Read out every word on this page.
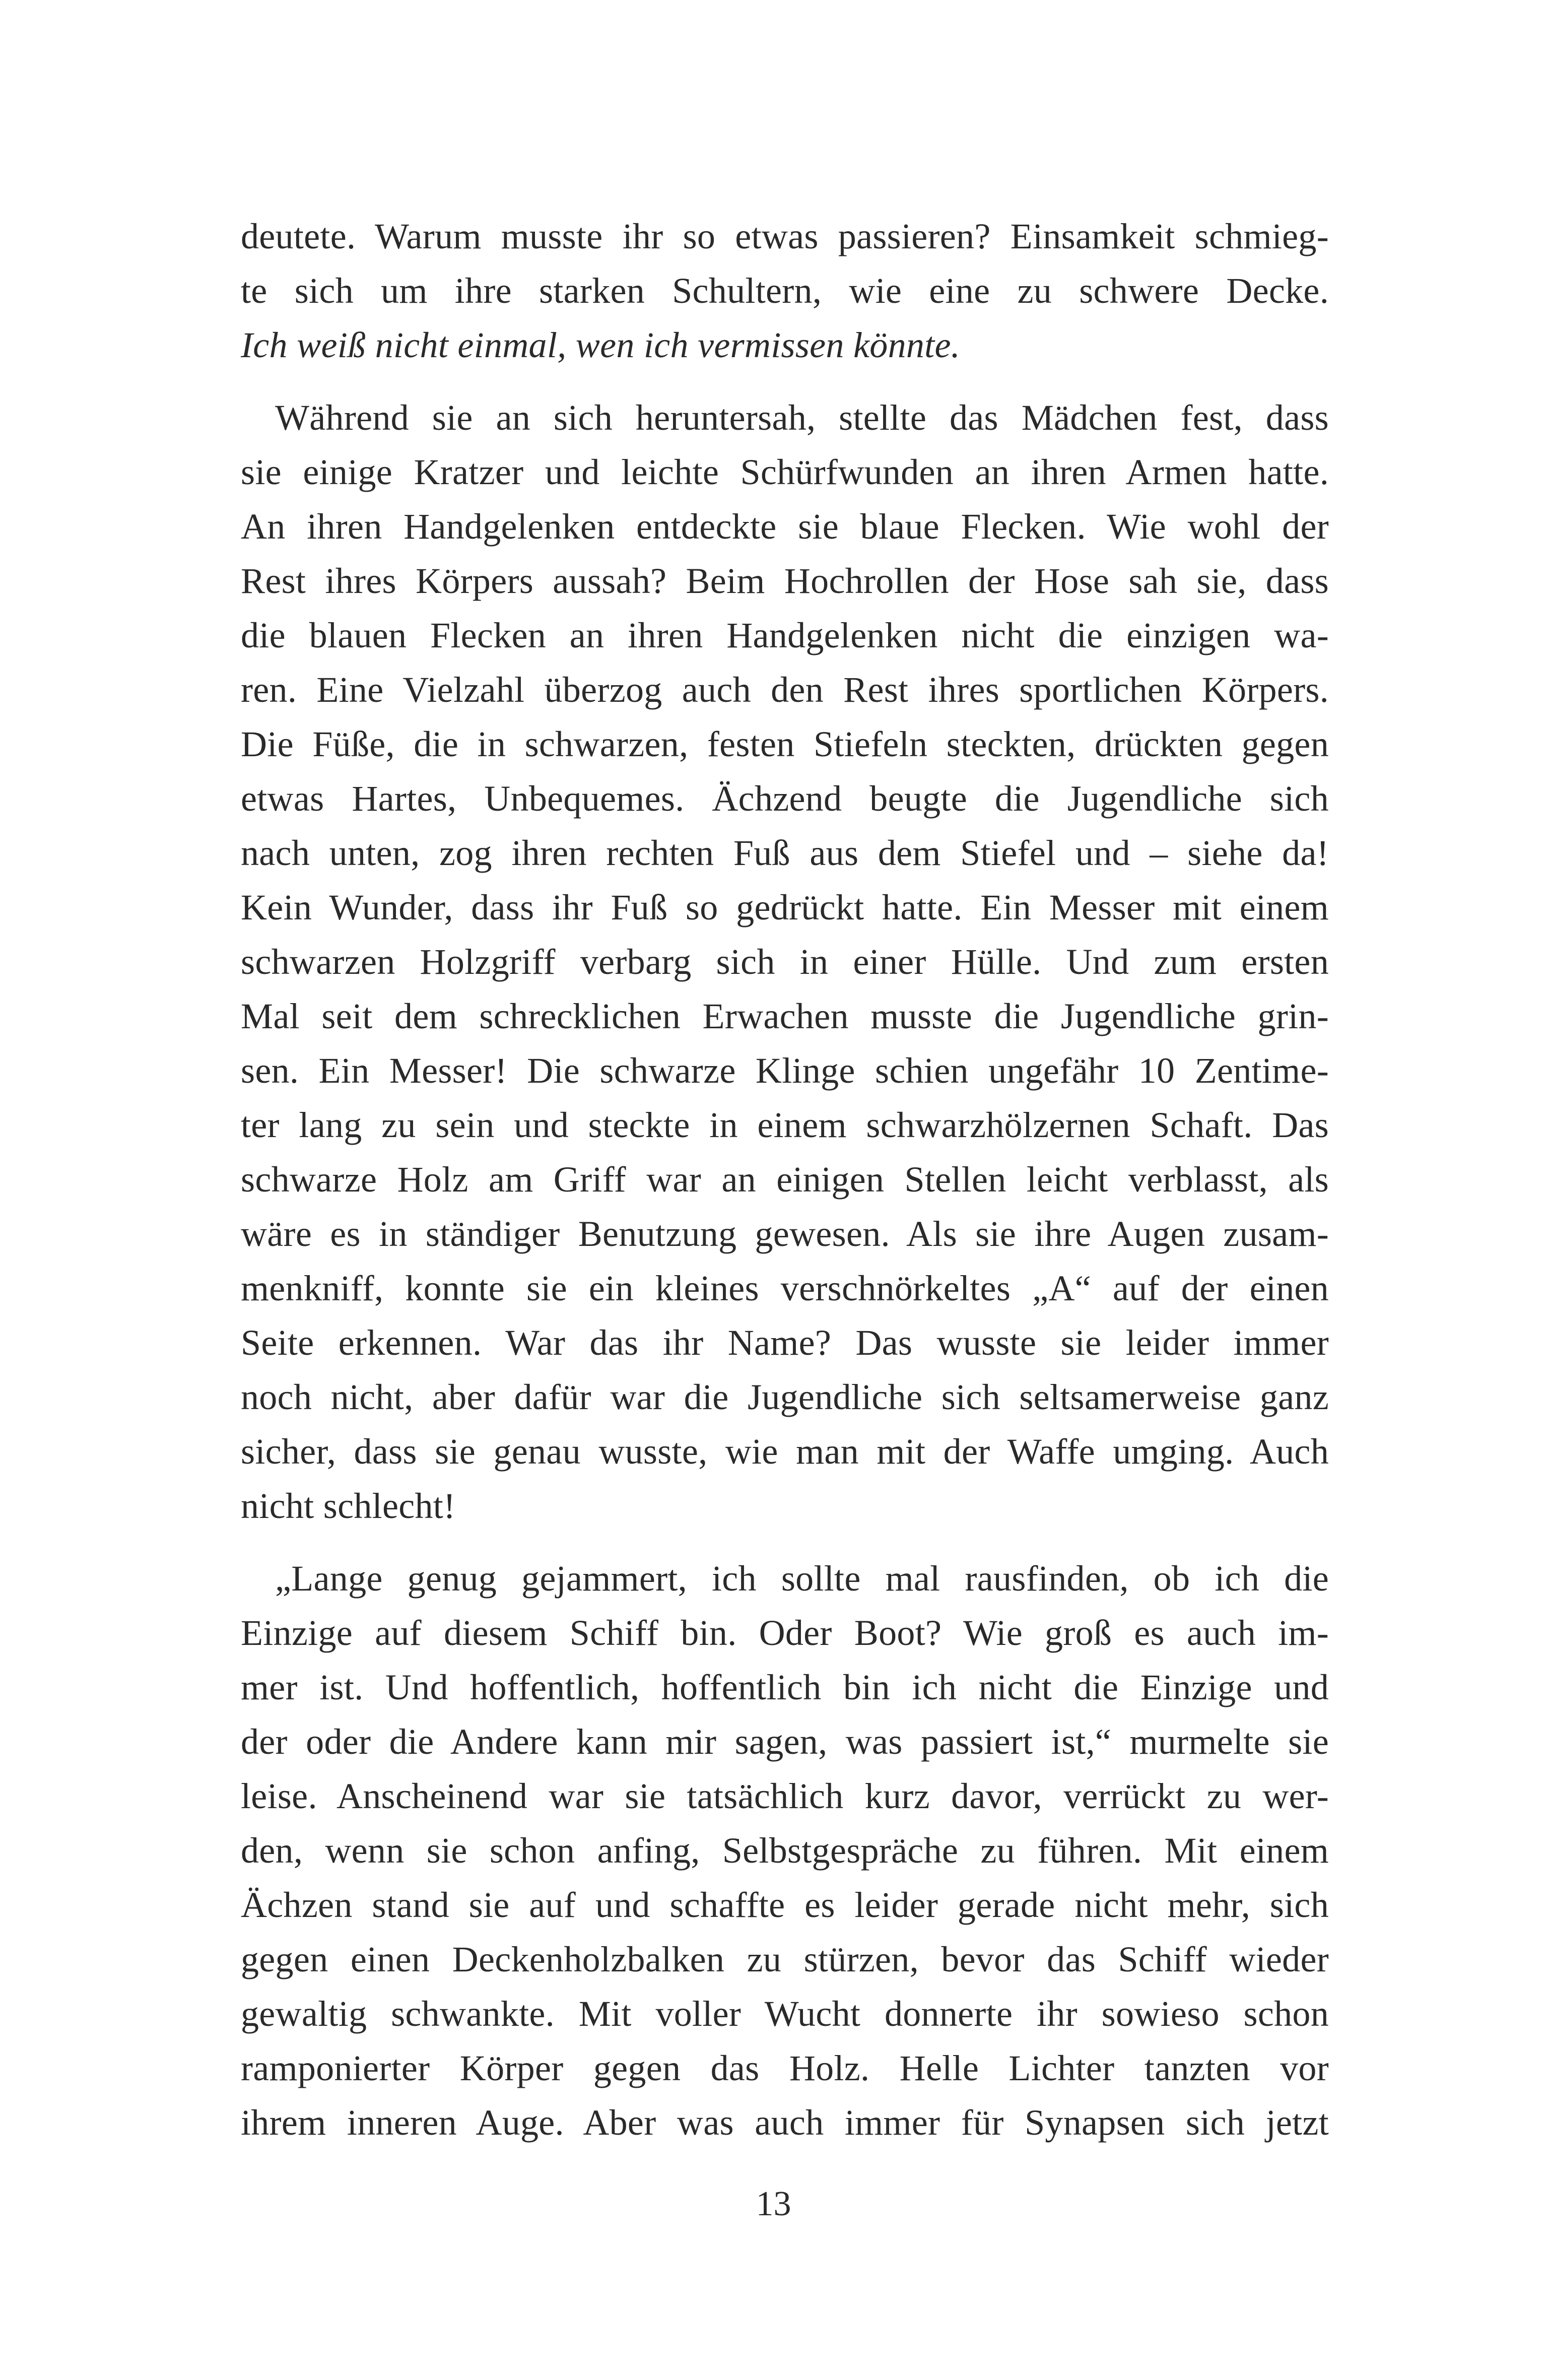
deutete. Warum musste ihr so etwas passieren? Einsamkeit schmieg-
te sich um ihre starken Schultern, wie eine zu schwere Decke.
Ich weiß nicht einmal, wen ich vermissen könnte.

Während sie an sich heruntersah, stellte das Mädchen fest, dass
sie einige Kratzer und leichte Schürfwunden an ihren Armen hatte.
An ihren Handgelenken entdeckte sie blaue Flecken. Wie wohl der
Rest ihres Körpers aussah? Beim Hochrollen der Hose sah sie, dass
die blauen Flecken an ihren Handgelenken nicht die einzigen wa-
ren. Eine Vielzahl überzog auch den Rest ihres sportlichen Körpers.
Die Füße, die in schwarzen, festen Stiefeln steckten, drückten gegen
etwas Hartes, Unbequemes. Ächzend beugte die Jugendliche sich
nach unten, zog ihren rechten Fuß aus dem Stiefel und – siehe da!
Kein Wunder, dass ihr Fuß so gedrückt hatte. Ein Messer mit einem
schwarzen Holzgriff verbarg sich in einer Hülle. Und zum ersten
Mal seit dem schrecklichen Erwachen musste die Jugendliche grin-
sen. Ein Messer! Die schwarze Klinge schien ungefähr 10 Zentime-
ter lang zu sein und steckte in einem schwarzhölzernen Schaft. Das
schwarze Holz am Griff war an einigen Stellen leicht verblasst, als
wäre es in ständiger Benutzung gewesen. Als sie ihre Augen zusam-
menkniff, konnte sie ein kleines verschnörkeltes „A“ auf der einen
Seite erkennen. War das ihr Name? Das wusste sie leider immer
noch nicht, aber dafür war die Jugendliche sich seltsamerweise ganz
sicher, dass sie genau wusste, wie man mit der Waffe umging. Auch
nicht schlecht!

„Lange genug gejammert, ich sollte mal rausfinden, ob ich die
Einzige auf diesem Schiff bin. Oder Boot? Wie groß es auch im-
mer ist. Und hoffentlich, hoffentlich bin ich nicht die Einzige und
der oder die Andere kann mir sagen, was passiert ist,“ murmelte sie
leise. Anscheinend war sie tatsächlich kurz davor, verrückt zu wer-
den, wenn sie schon anfing, Selbstgespräche zu führen. Mit einem
Ächzen stand sie auf und schaffte es leider gerade nicht mehr, sich
gegen einen Deckenholzbalken zu stürzen, bevor das Schiff wieder
gewaltig schwankte. Mit voller Wucht donnerte ihr sowieso schon
ramponierter Körper gegen das Holz. Helle Lichter tanzten vor
ihrem inneren Auge. Aber was auch immer für Synapsen sich jetzt

13
